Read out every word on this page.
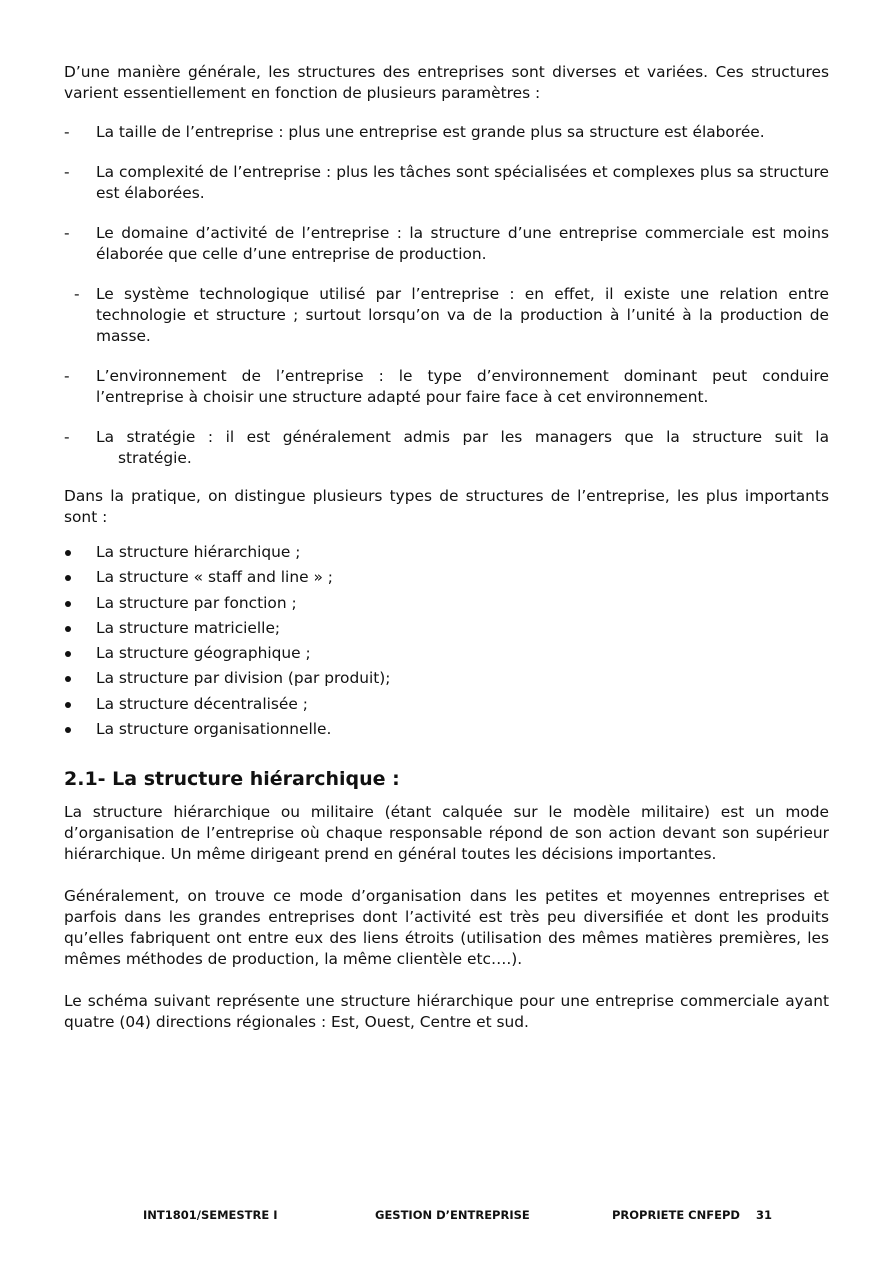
D’une manière générale, les structures des entreprises sont diverses et variées. Ces structures varient essentiellement en fonction de plusieurs paramètres :

- La taille de l’entreprise : plus une entreprise est grande plus sa structure est élaborée.

- La complexité de l’entreprise : plus les tâches sont spécialisées et complexes plus sa structure est élaborées.

- Le domaine d’activité de l’entreprise : la structure d’une entreprise commerciale est moins élaborée que celle d’une entreprise de production.

- Le système technologique utilisé par l’entreprise : en effet, il existe une relation entre technologie et structure ; surtout lorsqu’on va de la production à l’unité à la production de masse.

- L’environnement de l’entreprise : le type d’environnement dominant peut conduire l’entreprise à choisir une structure adapté pour faire face à cet environnement.

- La stratégie : il est généralement admis par les managers que la structure suit la

stratégie.

Dans la pratique, on distingue plusieurs types de structures de l’entreprise, les plus importants sont :

La structure hiérarchique ;
La structure « staff and line » ;
La structure par fonction ;
La structure matricielle;
La structure géographique ;
La structure par division (par produit);
La structure décentralisée ;
La structure organisationnelle.
2.1- La structure hiérarchique :

La structure hiérarchique ou militaire (étant calquée sur le modèle militaire) est un mode d’organisation de l’entreprise où chaque responsable répond de son action devant son supérieur hiérarchique. Un même dirigeant prend en général toutes les décisions importantes.

Généralement, on trouve ce mode d’organisation dans les petites et moyennes entreprises et parfois dans les grandes entreprises dont l’activité est très peu diversifiée et dont les produits qu’elles fabriquent ont entre eux des liens étroits (utilisation des mêmes matières premières, les mêmes méthodes de production, la même clientèle etc….).

Le schéma suivant représente une structure hiérarchique pour une entreprise commerciale ayant quatre (04) directions régionales : Est, Ouest, Centre et sud.

INT1801/SEMESTRE I	GESTION D’ENTREPRISE	PROPRIETE CNFEPD    31
